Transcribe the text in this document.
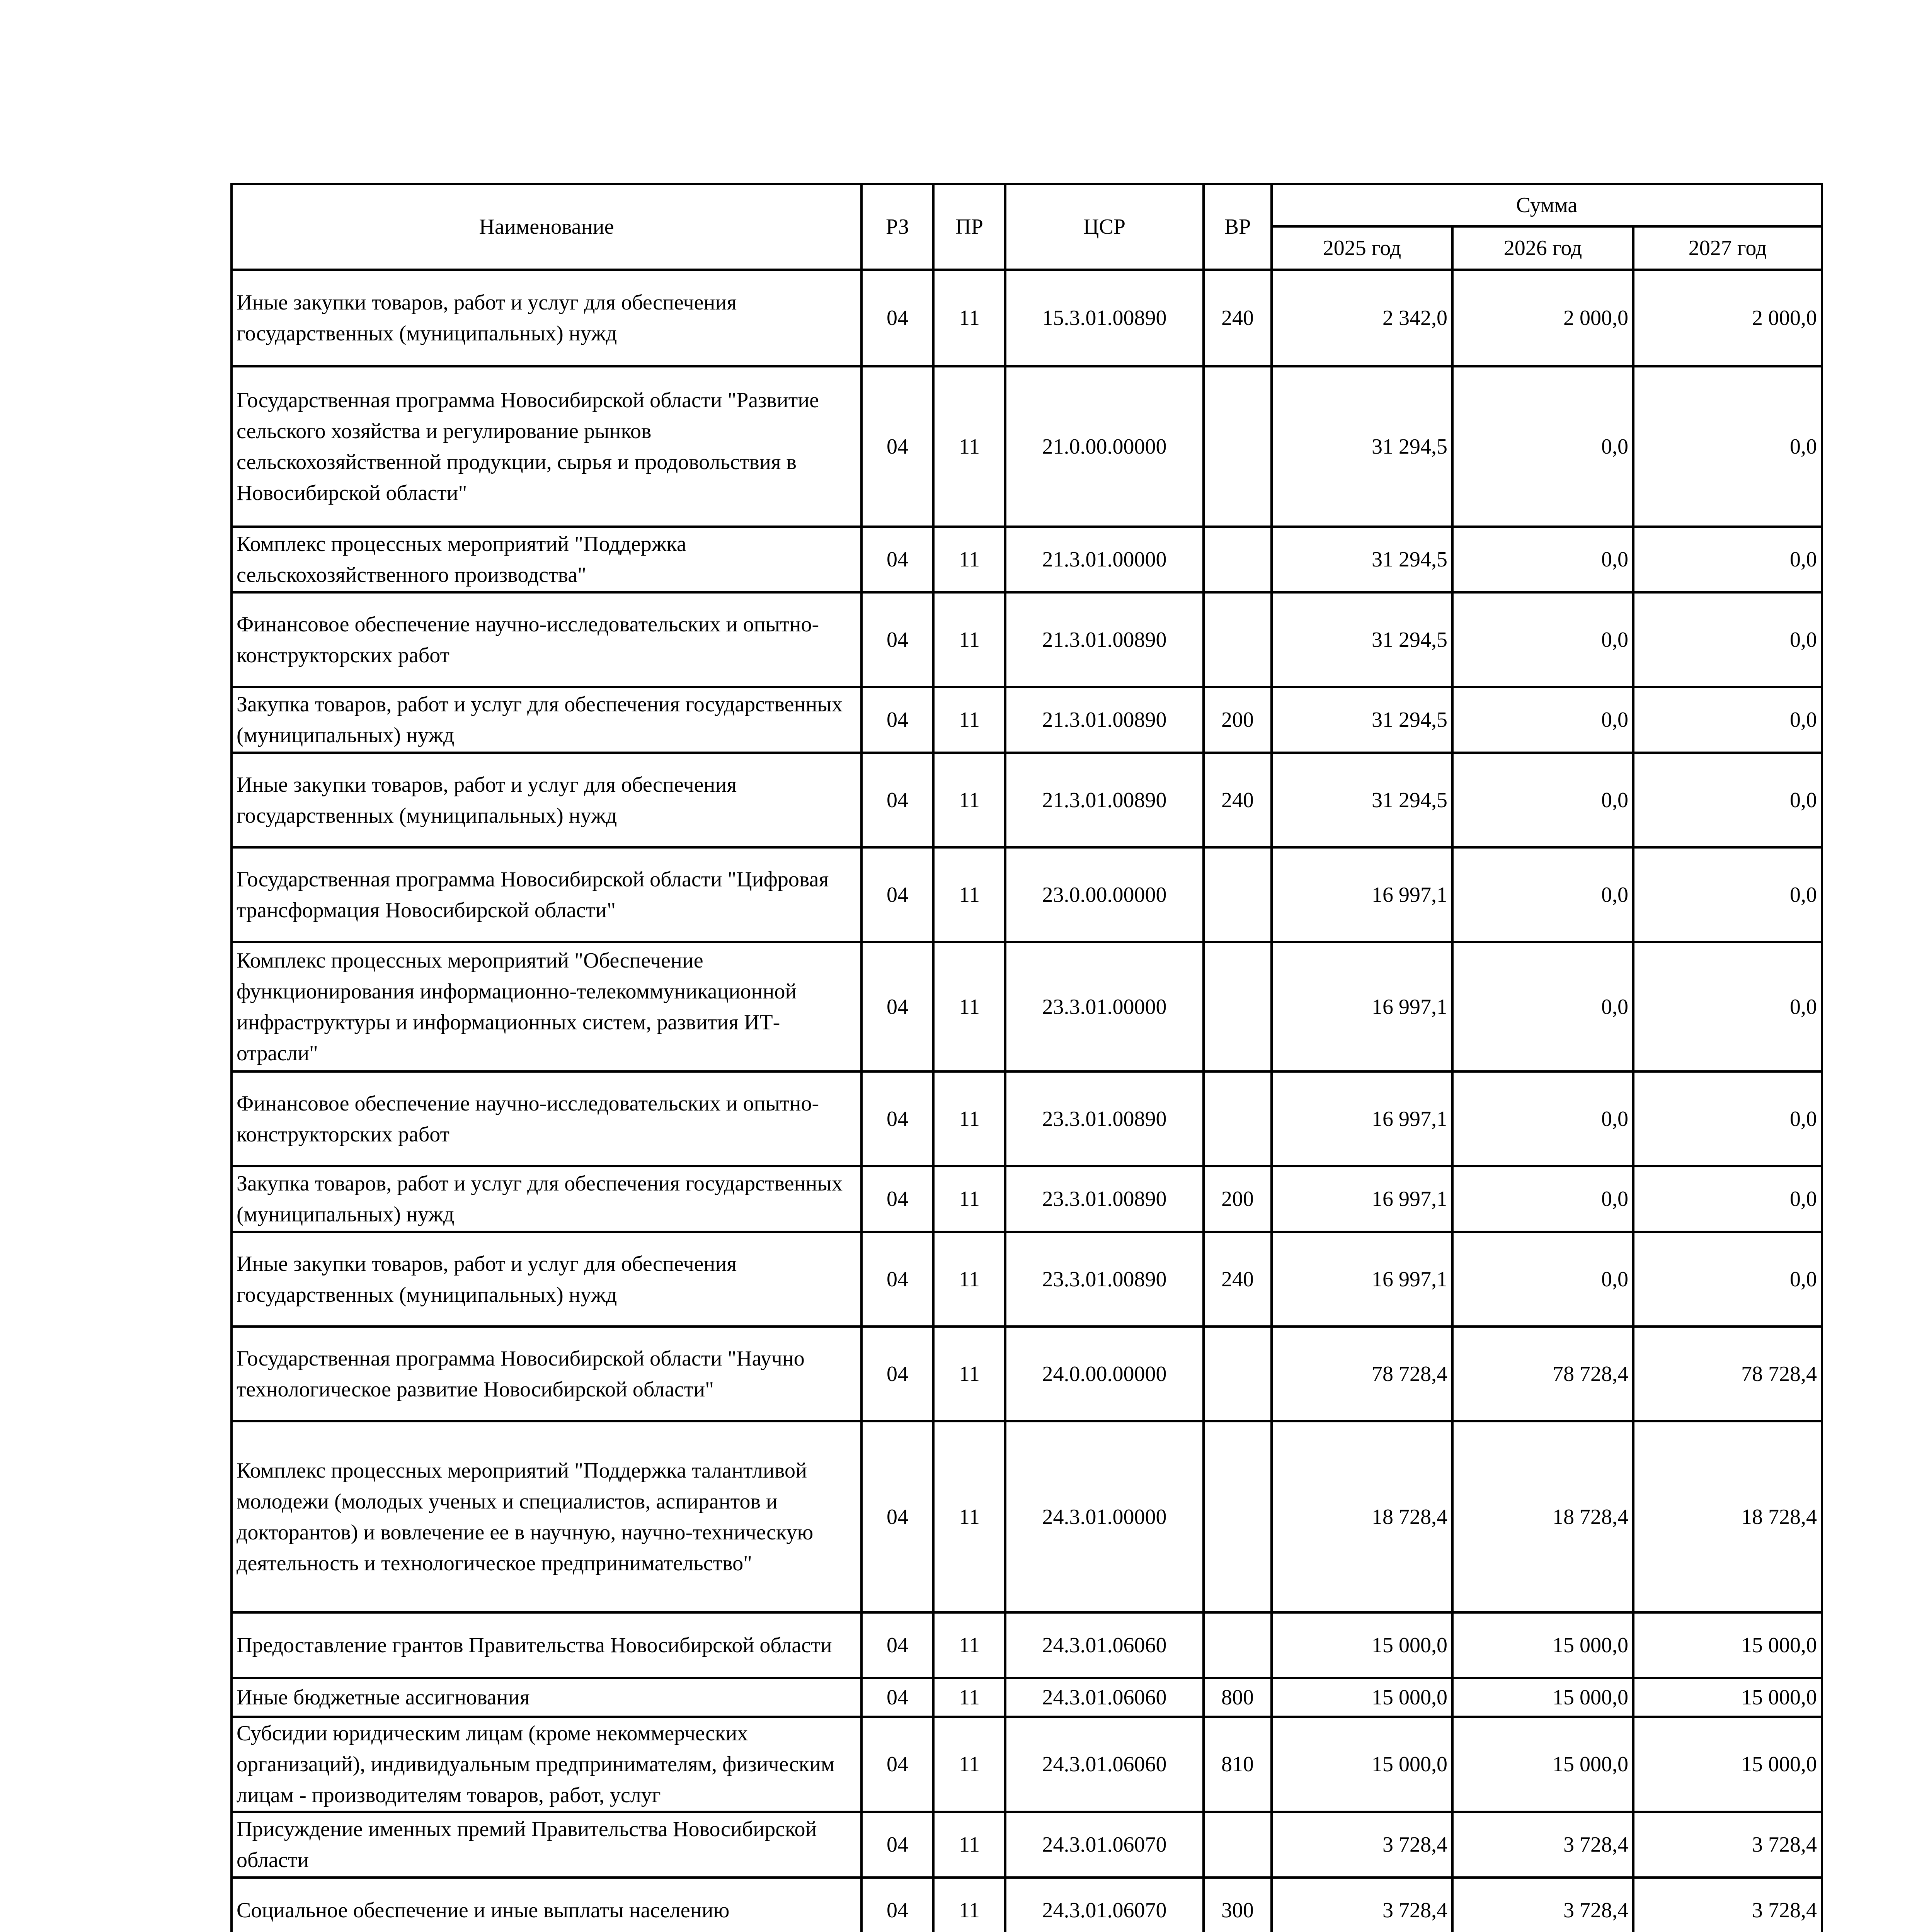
Наименование	РЗ	ПР	ЦСР	ВР	Сумма		
					2025 год	2026 год	2027 год
Иные закупки товаров, работ и услуг для обеспечения государственных (муниципальных) нужд	04	11	15.3.01.00890	240	2 342,0	2 000,0	2 000,0
Государственная программа Новосибирской области "Развитие сельского хозяйства и регулирование рынков сельскохозяйственной продукции, сырья и продовольствия в Новосибирской области"	04	11	21.0.00.00000		31 294,5	0,0	0,0
Комплекс процессных мероприятий "Поддержка сельскохозяйственного производства"	04	11	21.3.01.00000		31 294,5	0,0	0,0
Финансовое обеспечение научно-исследовательских и опытно-конструкторских работ	04	11	21.3.01.00890		31 294,5	0,0	0,0
Закупка товаров, работ и услуг для обеспечения государственных (муниципальных) нужд	04	11	21.3.01.00890	200	31 294,5	0,0	0,0
Иные закупки товаров, работ и услуг для обеспечения государственных (муниципальных) нужд	04	11	21.3.01.00890	240	31 294,5	0,0	0,0
Государственная программа Новосибирской области "Цифровая трансформация Новосибирской области"	04	11	23.0.00.00000		16 997,1	0,0	0,0
Комплекс процессных мероприятий "Обеспечение функционирования информационно-телекоммуникационной инфраструктуры и информационных систем, развития ИТ-отрасли"	04	11	23.3.01.00000		16 997,1	0,0	0,0
Финансовое обеспечение научно-исследовательских и опытно-конструкторских работ	04	11	23.3.01.00890		16 997,1	0,0	0,0
Закупка товаров, работ и услуг для обеспечения государственных (муниципальных) нужд	04	11	23.3.01.00890	200	16 997,1	0,0	0,0
Иные закупки товаров, работ и услуг для обеспечения государственных (муниципальных) нужд	04	11	23.3.01.00890	240	16 997,1	0,0	0,0
Государственная программа Новосибирской области "Научно технологическое развитие Новосибирской области"	04	11	24.0.00.00000		78 728,4	78 728,4	78 728,4
Комплекс процессных мероприятий "Поддержка талантливой молодежи (молодых ученых и специалистов, аспирантов и докторантов) и вовлечение ее в научную, научно-техническую деятельность и технологическое предпринимательство"	04	11	24.3.01.00000		18 728,4	18 728,4	18 728,4
Предоставление грантов Правительства Новосибирской области	04	11	24.3.01.06060		15 000,0	15 000,0	15 000,0
Иные бюджетные ассигнования	04	11	24.3.01.06060	800	15 000,0	15 000,0	15 000,0
Субсидии юридическим лицам (кроме некоммерческих организаций), индивидуальным предпринимателям, физическим лицам - производителям товаров, работ, услуг	04	11	24.3.01.06060	810	15 000,0	15 000,0	15 000,0
Присуждение именных премий Правительства Новосибирской области	04	11	24.3.01.06070		3 728,4	3 728,4	3 728,4
Социальное обеспечение и иные выплаты населению	04	11	24.3.01.06070	300	3 728,4	3 728,4	3 728,4
